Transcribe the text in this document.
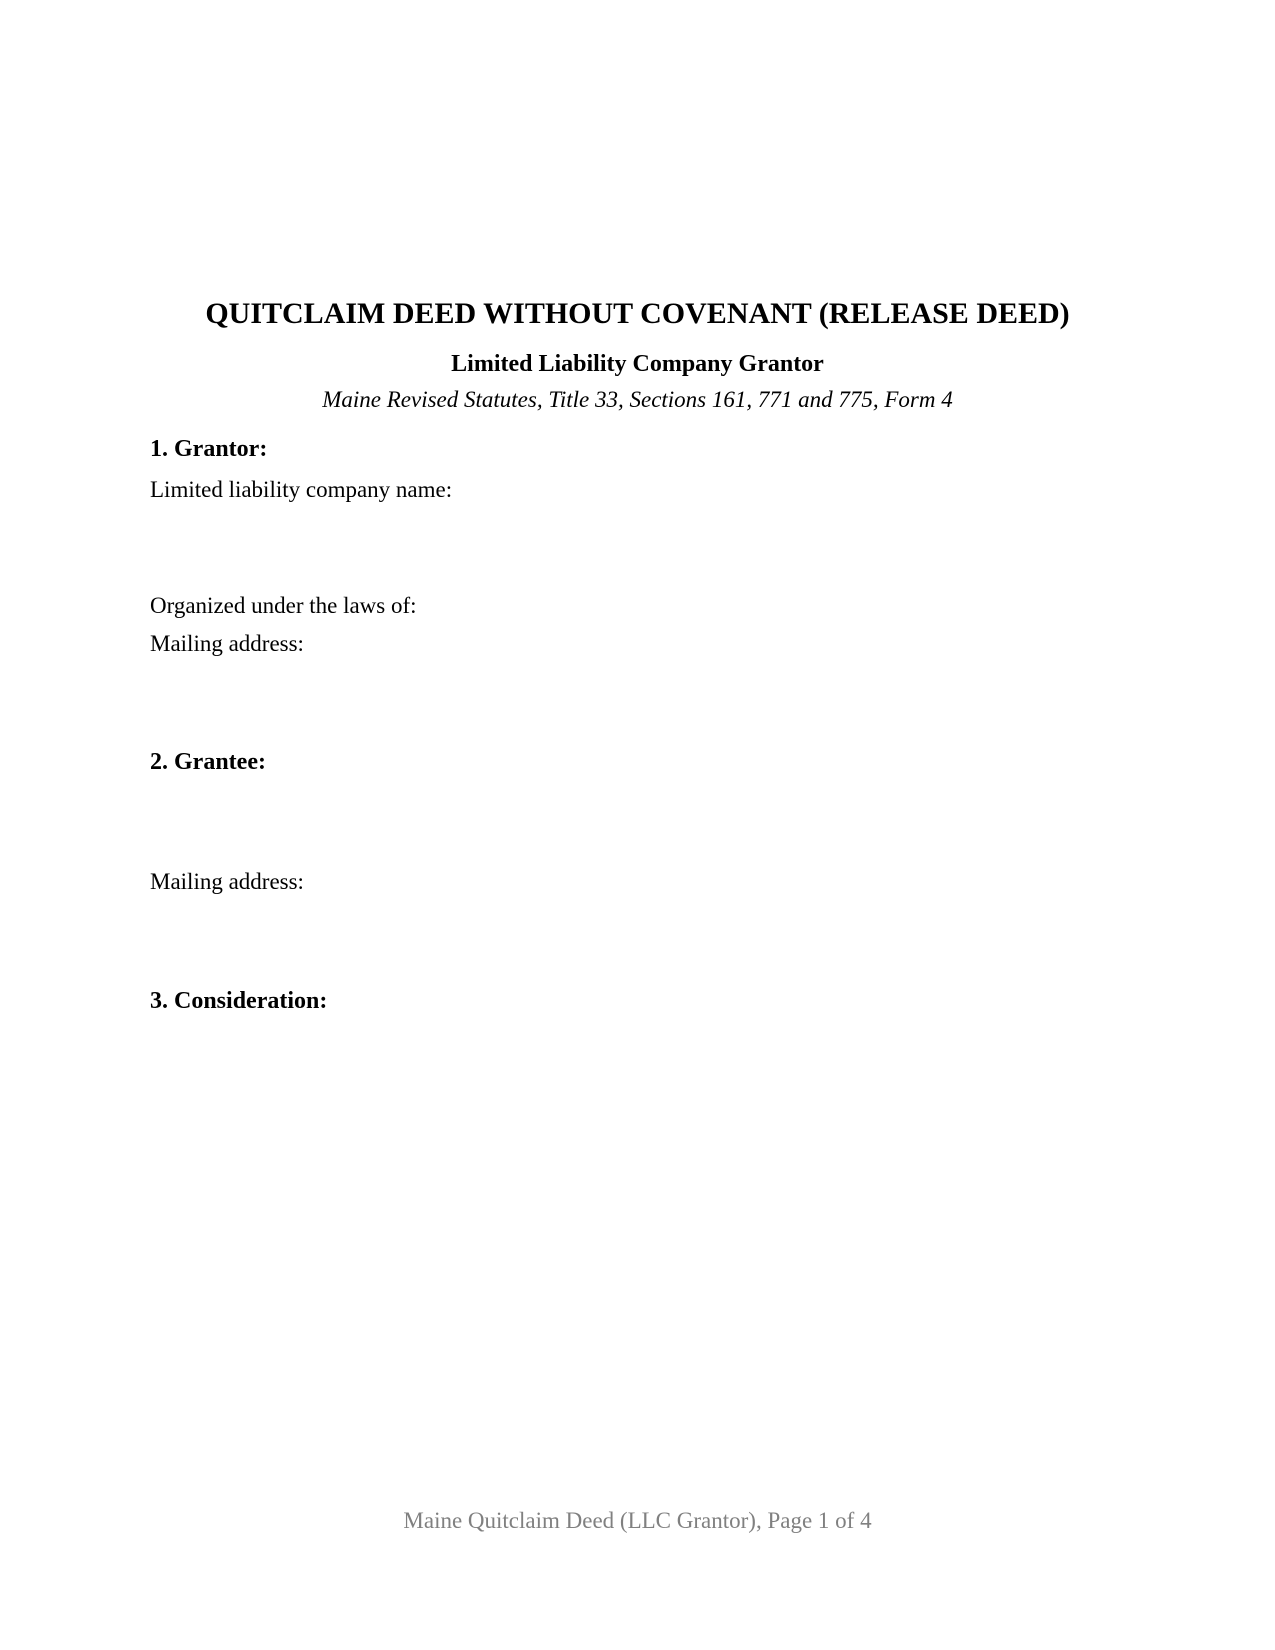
QUITCLAIM DEED WITHOUT COVENANT (RELEASE DEED)
Limited Liability Company Grantor
Maine Revised Statutes, Title 33, Sections 161, 771 and 775, Form 4
1. Grantor:
Limited liability company name:
Organized under the laws of:
Mailing address:
2. Grantee:
Mailing address:
3. Consideration:
Maine Quitclaim Deed (LLC Grantor), Page 1 of 4
